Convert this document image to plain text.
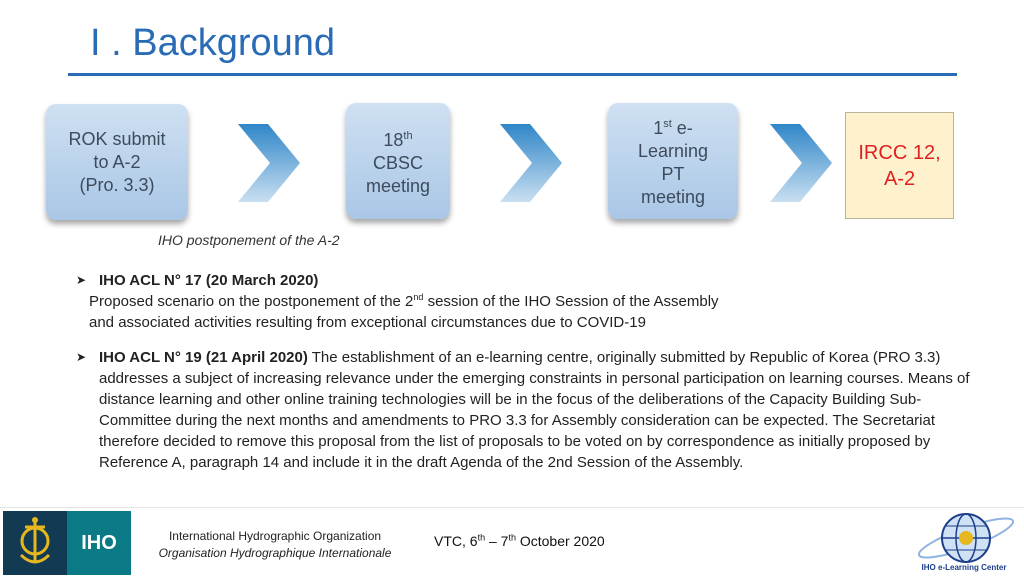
I . Background
ROK submit
to A-2
(Pro. 3.3)
18th
CBSC
meeting
1st e-
Learning
PT
meeting
IRCC 12,
A-2
IHO postponement of the A-2
➤ IHO ACL N° 17 (20 March 2020)
Proposed scenario on the postponement of the 2nd session of the IHO Session of the Assembly
and associated activities resulting from exceptional circumstances due to COVID-19
➤ IHO ACL N° 19 (21 April 2020) The establishment of an e-learning centre, originally submitted by Republic of Korea (PRO 3.3) addresses a subject of increasing relevance under the emerging constraints in personal participation on learning courses. Means of distance learning and other online training technologies will be in the focus of the deliberations of the Capacity Building Sub-Committee during the next months and amendments to PRO 3.3 for Assembly consideration can be expected. The Secretariat therefore decided to remove this proposal from the list of proposals to be voted on by correspondence as initially proposed by Reference A, paragraph 14 and include it in the draft Agenda of the 2nd Session of the Assembly.
IHO	International Hydrographic Organization
Organisation Hydrographique Internationale
VTC, 6th – 7th October 2020
IHO e-Learning Center
